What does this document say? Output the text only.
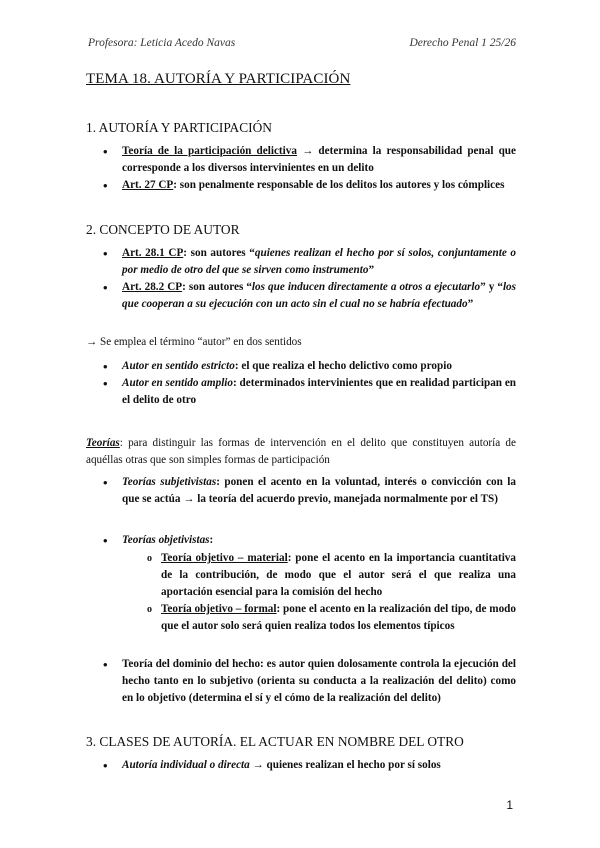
Profesora: Leticia Acedo Navas	Derecho Penal 1 25/26
TEMA 18. AUTORÍA Y PARTICIPACIÓN
1. AUTORÍA Y PARTICIPACIÓN
• Teoría de la participación delictiva → determina la responsabilidad penal que corresponde a los diversos intervinientes en un delito
• Art. 27 CP: son penalmente responsable de los delitos los autores y los cómplices
2. CONCEPTO DE AUTOR
• Art. 28.1 CP: son autores “quienes realizan el hecho por sí solos, conjuntamente o por medio de otro del que se sirven como instrumento”
• Art. 28.2 CP: son autores “los que inducen directamente a otros a ejecutarlo” y “los que cooperan a su ejecución con un acto sin el cual no se habría efectuado”
→ Se emplea el término “autor” en dos sentidos
• Autor en sentido estricto: el que realiza el hecho delictivo como propio
• Autor en sentido amplio: determinados intervinientes que en realidad participan en el delito de otro
Teorías: para distinguir las formas de intervención en el delito que constituyen autoría de aquéllas otras que son simples formas de participación
• Teorías subjetivistas: ponen el acento en la voluntad, interés o convicción con la que se actúa → la teoría del acuerdo previo, manejada normalmente por el TS)
• Teorías objetivistas:
o Teoría objetivo – material: pone el acento en la importancia cuantitativa de la contribución, de modo que el autor será el que realiza una aportación esencial para la comisión del hecho
o Teoría objetivo – formal: pone el acento en la realización del tipo, de modo que el autor solo será quien realiza todos los elementos típicos
• Teoría del dominio del hecho: es autor quien dolosamente controla la ejecución del hecho tanto en lo subjetivo (orienta su conducta a la realización del delito) como en lo objetivo (determina el sí y el cómo de la realización del delito)
3. CLASES DE AUTORÍA. EL ACTUAR EN NOMBRE DEL OTRO
• Autoría individual o directa → quienes realizan el hecho por sí solos
1
